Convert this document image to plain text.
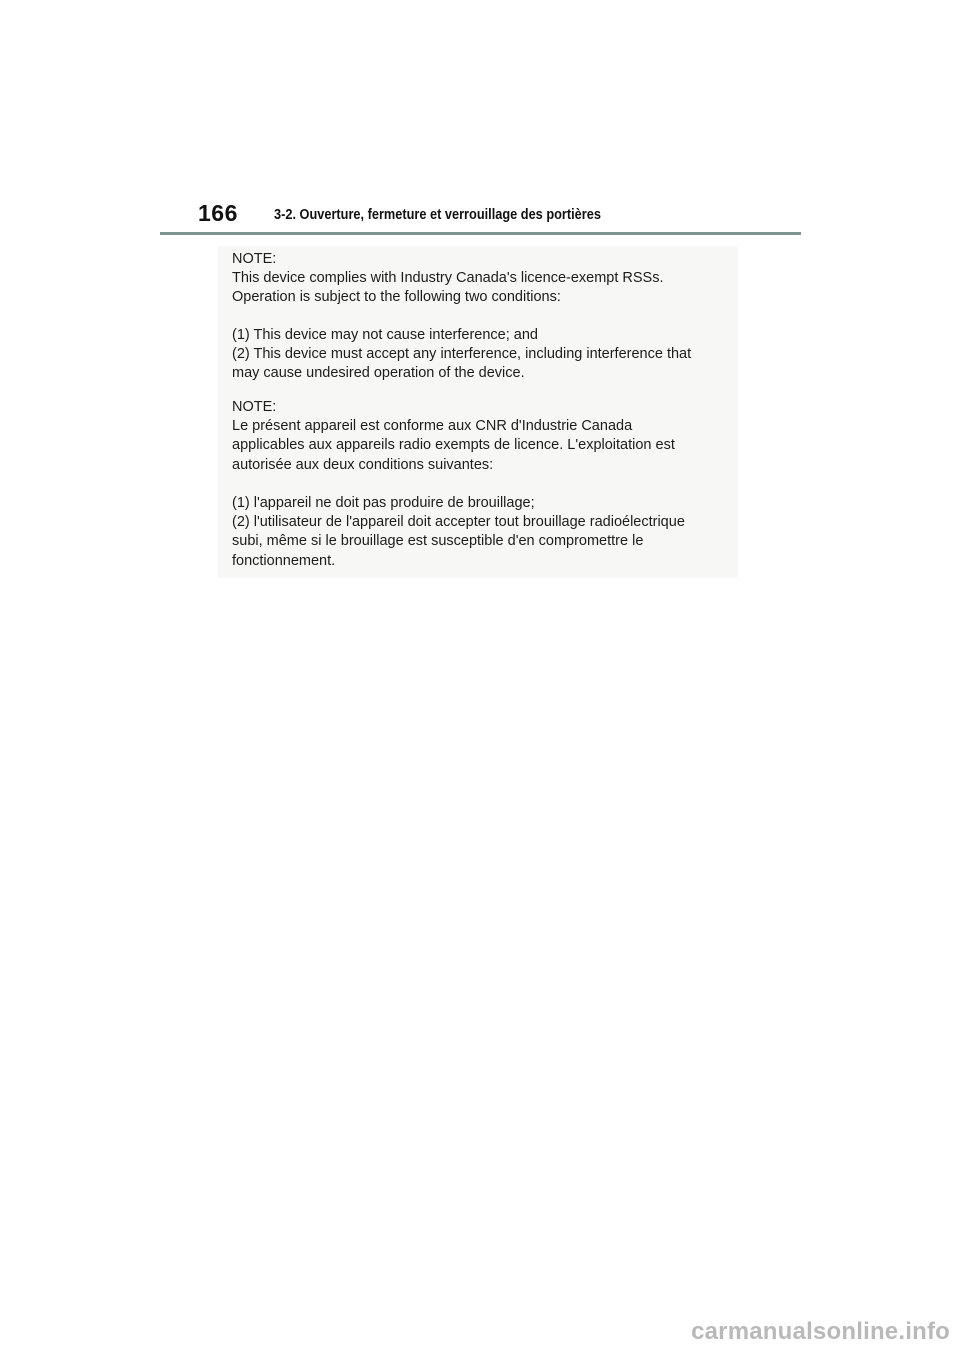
166 3-2. Ouverture, fermeture et verrouillage des portières
NOTE:
This device complies with Industry Canada's licence-exempt RSSs.
Operation is subject to the following two conditions:
(1) This device may not cause interference; and
(2) This device must accept any interference, including interference that
may cause undesired operation of the device.
NOTE:
Le présent appareil est conforme aux CNR d'Industrie Canada
applicables aux appareils radio exempts de licence. L'exploitation est
autorisée aux deux conditions suivantes:
(1) l'appareil ne doit pas produire de brouillage;
(2) l'utilisateur de l'appareil doit accepter tout brouillage radioélectrique
subi, même si le brouillage est susceptible d'en compromettre le
fonctionnement.
carmanualsonline.info
